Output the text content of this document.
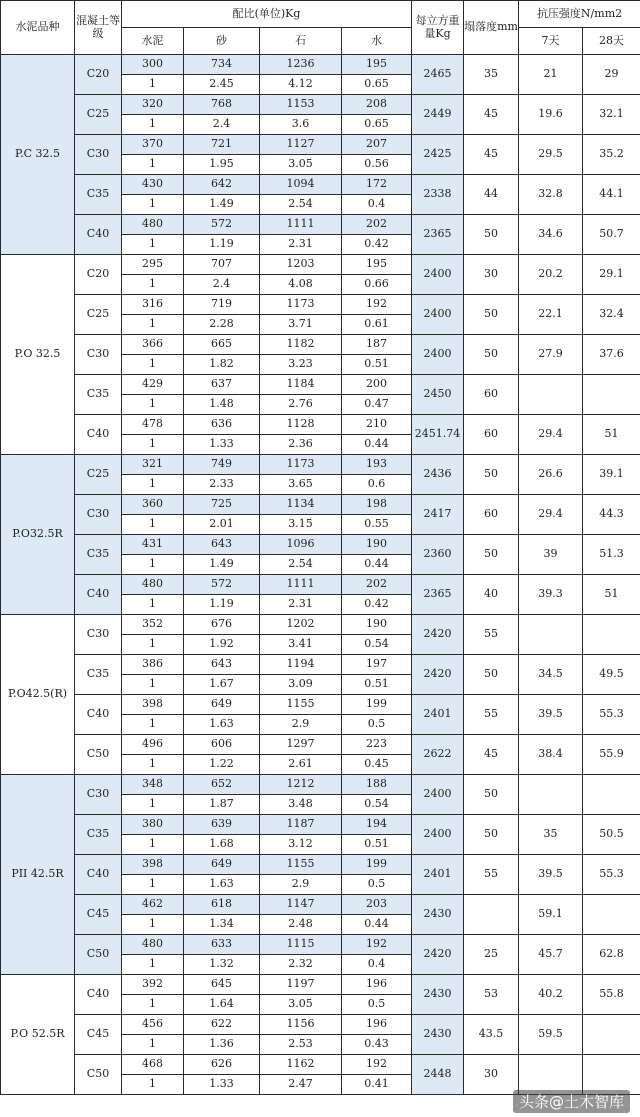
水泥品种	混凝土等级	配比(单位)Kg				每立方重量Kg	塌落度mm	抗压强度N/mm2	
		水泥	砂	石	水			7天	28天
P.C 32.5	C20	300	734	1236	195	2465	35	21	29
		1	2.45	4.12	0.65				
	C25	320	768	1153	208	2449	45	19.6	32.1
		1	2.4	3.6	0.65				
	C30	370	721	1127	207	2425	45	29.5	35.2
		1	1.95	3.05	0.56				
	C35	430	642	1094	172	2338	44	32.8	44.1
		1	1.49	2.54	0.4				
	C40	480	572	1111	202	2365	50	34.6	50.7
		1	1.19	2.31	0.42				
P.O 32.5	C20	295	707	1203	195	2400	30	20.2	29.1
		1	2.4	4.08	0.66				
	C25	316	719	1173	192	2400	50	22.1	32.4
		1	2.28	3.71	0.61				
	C30	366	665	1182	187	2400	50	27.9	37.6
		1	1.82	3.23	0.51				
	C35	429	637	1184	200	2450	60		
		1	1.48	2.76	0.47				
	C40	478	636	1128	210	2451.74	60	29.4	51
		1	1.33	2.36	0.44				
P.O32.5R	C25	321	749	1173	193	2436	50	26.6	39.1
		1	2.33	3.65	0.6				
	C30	360	725	1134	198	2417	60	29.4	44.3
		1	2.01	3.15	0.55				
	C35	431	643	1096	190	2360	50	39	51.3
		1	1.49	2.54	0.44				
	C40	480	572	1111	202	2365	40	39.3	51
		1	1.19	2.31	0.42				
P.O42.5(R)	C30	352	676	1202	190	2420	55		
		1	1.92	3.41	0.54				
	C35	386	643	1194	197	2420	50	34.5	49.5
		1	1.67	3.09	0.51				
	C40	398	649	1155	199	2401	55	39.5	55.3
		1	1.63	2.9	0.5				
	C50	496	606	1297	223	2622	45	38.4	55.9
		1	1.22	2.61	0.45				
PII 42.5R	C30	348	652	1212	188	2400	50		
		1	1.87	3.48	0.54				
	C35	380	639	1187	194	2400	50	35	50.5
		1	1.68	3.12	0.51				
	C40	398	649	1155	199	2401	55	39.5	55.3
		1	1.63	2.9	0.5				
	C45	462	618	1147	203	2430		59.1	
		1	1.34	2.48	0.44				
	C50	480	633	1115	192	2420	25	45.7	62.8
		1	1.32	2.32	0.4				
P.O 52.5R	C40	392	645	1197	196	2430	53	40.2	55.8
		1	1.64	3.05	0.5				
	C45	456	622	1156	196	2430	43.5	59.5	
		1	1.36	2.53	0.43				
	C50	468	626	1162	192	2448	30		
		1	1.33	2.47	0.41				
头条@土木智库
